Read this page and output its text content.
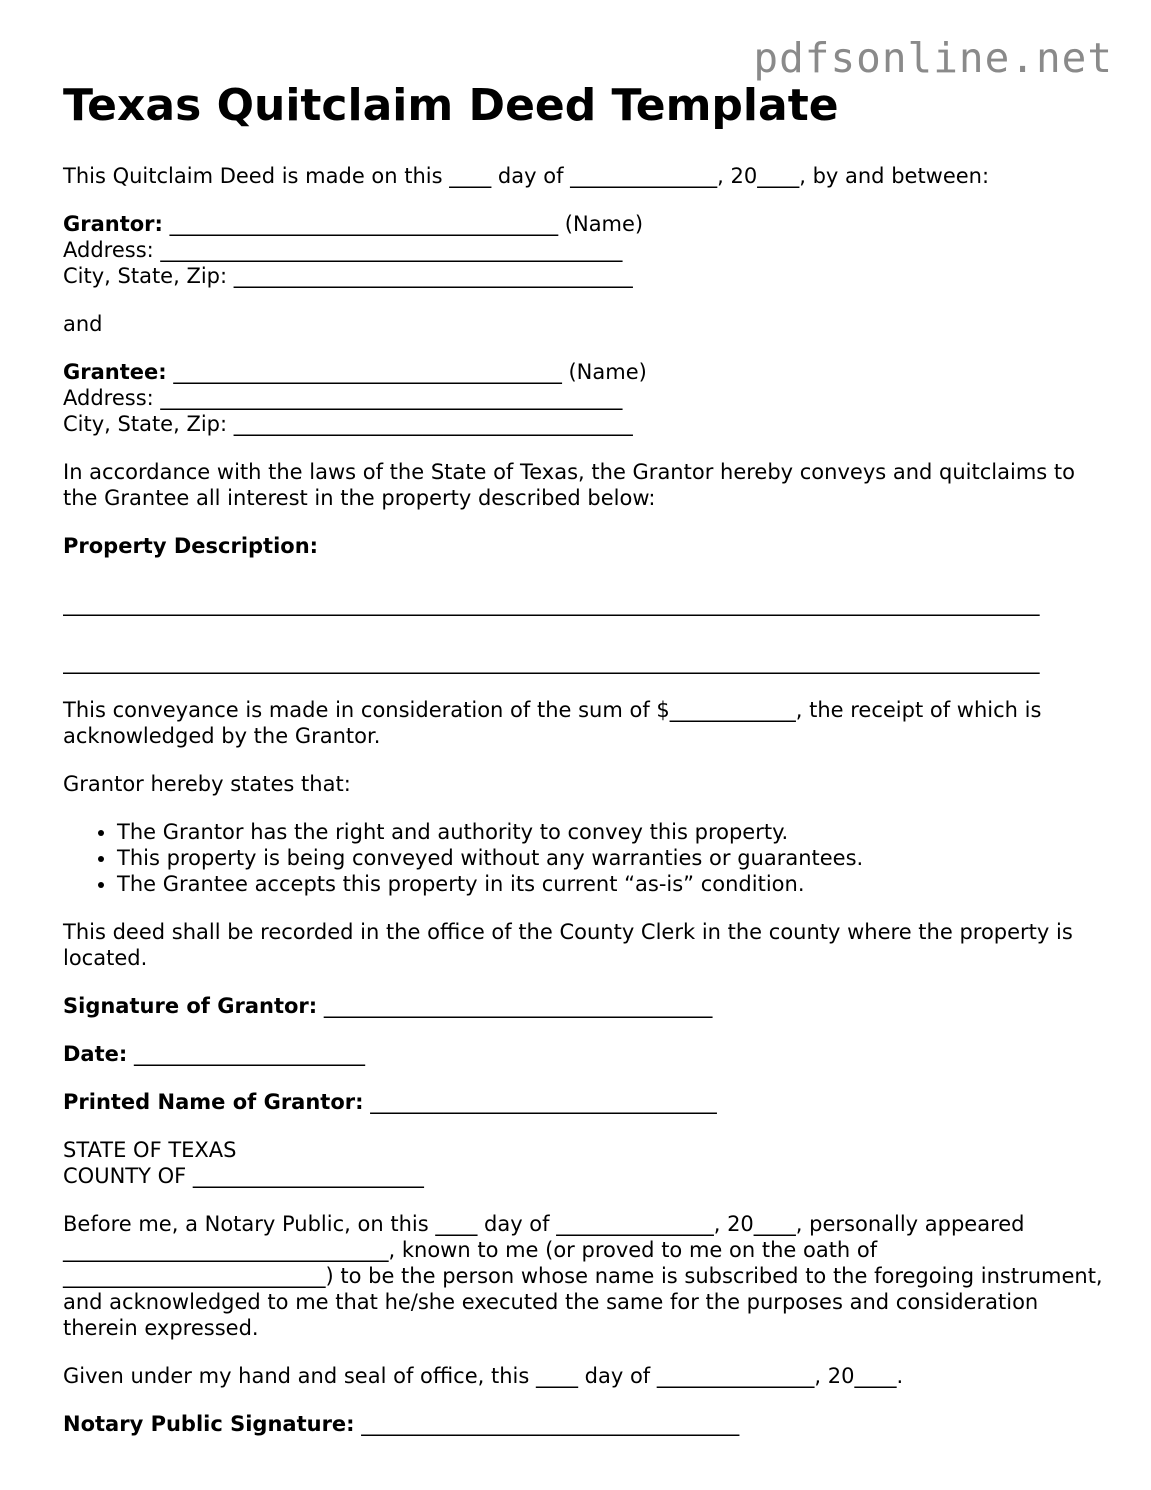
pdfsonline.net
Texas Quitclaim Deed Template

This Quitclaim Deed is made on this ____ day of ______________, 20____, by and between:

Grantor: _____________________________________ (Name)

Address: ____________________________________________

City, State, Zip: ______________________________________

and

Grantee: _____________________________________ (Name)

Address: ____________________________________________

City, State, Zip: ______________________________________

In accordance with the laws of the State of Texas, the Grantor hereby conveys and quitclaims to the Grantee all interest in the property described below:

Property Description:

_____________________________________________________________________________________________
_____________________________________________________________________________________________

This conveyance is made in consideration of the sum of $____________, the receipt of which is acknowledged by the Grantor.

Grantor hereby states that:

• The Grantor has the right and authority to convey this property.
• This property is being conveyed without any warranties or guarantees.
• The Grantee accepts this property in its current “as-is” condition.

This deed shall be recorded in the office of the County Clerk in the county where the property is located.

Signature of Grantor: _____________________________________

Date: ______________________

Printed Name of Grantor: _________________________________

STATE OF TEXAS

COUNTY OF ______________________

Before me, a Notary Public, on this ____ day of _______________, 20____, personally appeared _______________________________, known to me (or proved to me on the oath of _________________________) to be the person whose name is subscribed to the foregoing instrument, and acknowledged to me that he/she executed the same for the purposes and consideration therein expressed.

Given under my hand and seal of office, this ____ day of _______________, 20____.

Notary Public Signature: ____________________________________
